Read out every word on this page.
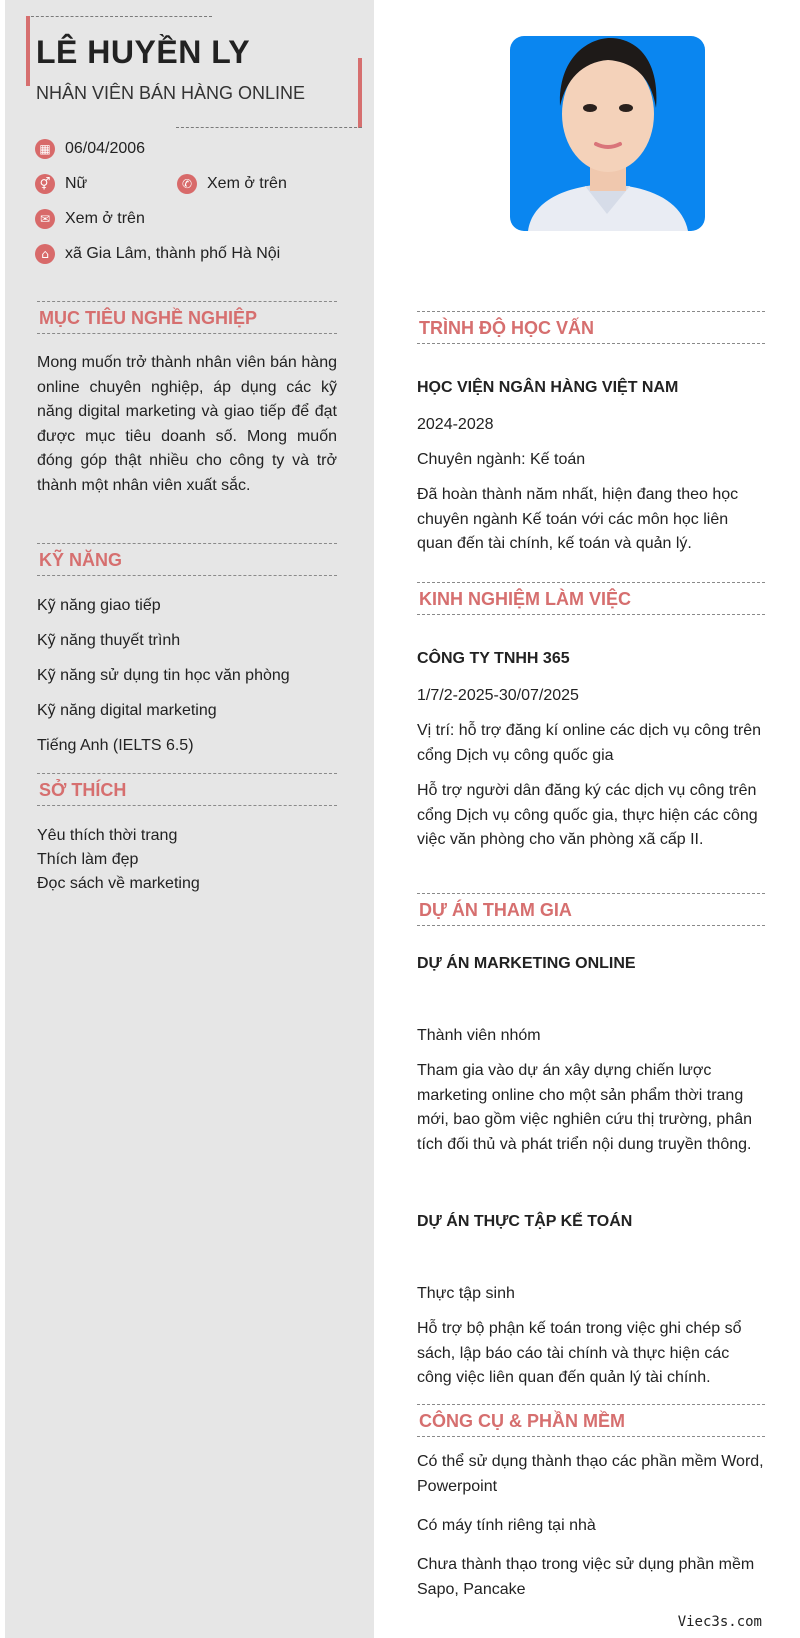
LÊ HUYỀN LY
NHÂN VIÊN BÁN HÀNG ONLINE
▦ 06/04/2006
⚥ Nữ	✆ Xem ở trên
✉ Xem ở trên
⌂	xã Gia Lâm, thành phố Hà Nội
MỤC TIÊU NGHỀ NGHIỆP
Mong muốn trở thành nhân viên bán hàng online chuyên nghiệp, áp dụng các kỹ năng digital marketing và giao tiếp để đạt được mục tiêu doanh số. Mong muốn đóng góp thật nhiều cho công ty và trở thành một nhân viên xuất sắc.
KỸ NĂNG
Kỹ năng giao tiếp
Kỹ năng thuyết trình
Kỹ năng sử dụng tin học văn phòng
Kỹ năng digital marketing
Tiếng Anh (IELTS 6.5)
SỞ THÍCH
Yêu thích thời trang
Thích làm đẹp
Đọc sách về marketing
TRÌNH ĐỘ HỌC VẤN
HỌC VIỆN NGÂN HÀNG VIỆT NAM
2024-2028
Chuyên ngành: Kế toán
Đã hoàn thành năm nhất, hiện đang theo học chuyên ngành Kế toán với các môn học liên quan đến tài chính, kế toán và quản lý.
KINH NGHIỆM LÀM VIỆC
CÔNG TY TNHH 365
1/7/2-2025-30/07/2025
Vị trí: hỗ trợ đăng kí online các dịch vụ công trên cổng Dịch vụ công quốc gia
Hỗ trợ người dân đăng ký các dịch vụ công trên cổng Dịch vụ công quốc gia, thực hiện các công việc văn phòng cho văn phòng xã cấp II.
DỰ ÁN THAM GIA
DỰ ÁN MARKETING ONLINE
Thành viên nhóm
Tham gia vào dự án xây dựng chiến lược marketing online cho một sản phẩm thời trang mới, bao gồm việc nghiên cứu thị trường, phân tích đối thủ và phát triển nội dung truyền thông.
DỰ ÁN THỰC TẬP KẾ TOÁN
Thực tập sinh
Hỗ trợ bộ phận kế toán trong việc ghi chép sổ sách, lập báo cáo tài chính và thực hiện các công việc liên quan đến quản lý tài chính.
CÔNG CỤ & PHẦN MỀM
Có thể sử dụng thành thạo các phần mềm Word, Powerpoint
Có máy tính riêng tại nhà
Chưa thành thạo trong việc sử dụng phần mềm Sapo, Pancake
Viec3s.com
